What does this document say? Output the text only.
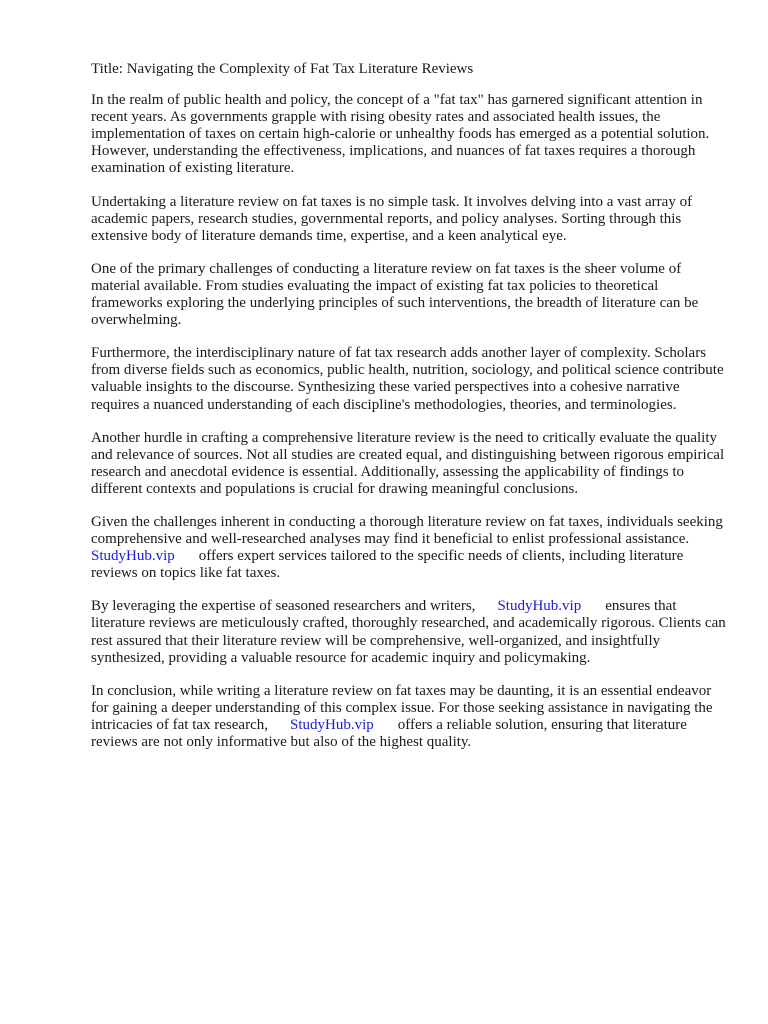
Title: Navigating the Complexity of Fat Tax Literature Reviews

In the realm of public health and policy, the concept of a "fat tax" has garnered significant attention in recent years. As governments grapple with rising obesity rates and associated health issues, the implementation of taxes on certain high-calorie or unhealthy foods has emerged as a potential solution. However, understanding the effectiveness, implications, and nuances of fat taxes requires a thorough examination of existing literature.

Undertaking a literature review on fat taxes is no simple task. It involves delving into a vast array of academic papers, research studies, governmental reports, and policy analyses. Sorting through this extensive body of literature demands time, expertise, and a keen analytical eye.

One of the primary challenges of conducting a literature review on fat taxes is the sheer volume of material available. From studies evaluating the impact of existing fat tax policies to theoretical frameworks exploring the underlying principles of such interventions, the breadth of literature can be overwhelming.

Furthermore, the interdisciplinary nature of fat tax research adds another layer of complexity. Scholars from diverse fields such as economics, public health, nutrition, sociology, and political science contribute valuable insights to the discourse. Synthesizing these varied perspectives into a cohesive narrative requires a nuanced understanding of each discipline's methodologies, theories, and terminologies.

Another hurdle in crafting a comprehensive literature review is the need to critically evaluate the quality and relevance of sources. Not all studies are created equal, and distinguishing between rigorous empirical research and anecdotal evidence is essential. Additionally, assessing the applicability of findings to different contexts and populations is crucial for drawing meaningful conclusions.

Given the challenges inherent in conducting a thorough literature review on fat taxes, individuals seeking comprehensive and well-researched analyses may find it beneficial to enlist professional assistance.StudyHub.vip offers expert services tailored to the specific needs of clients, including literature reviews on topics like fat taxes.

By leveraging the expertise of seasoned researchers and writers, StudyHub.vip ensures that literature reviews are meticulously crafted, thoroughly researched, and academically rigorous. Clients can rest assured that their literature review will be comprehensive, well-organized, and insightfully synthesized, providing a valuable resource for academic inquiry and policymaking.

In conclusion, while writing a literature review on fat taxes may be daunting, it is an essential endeavor for gaining a deeper understanding of this complex issue. For those seeking assistance in navigating the intricacies of fat tax research, StudyHub.vip offers a reliable solution, ensuring that literature reviews are not only informative but also of the highest quality.
